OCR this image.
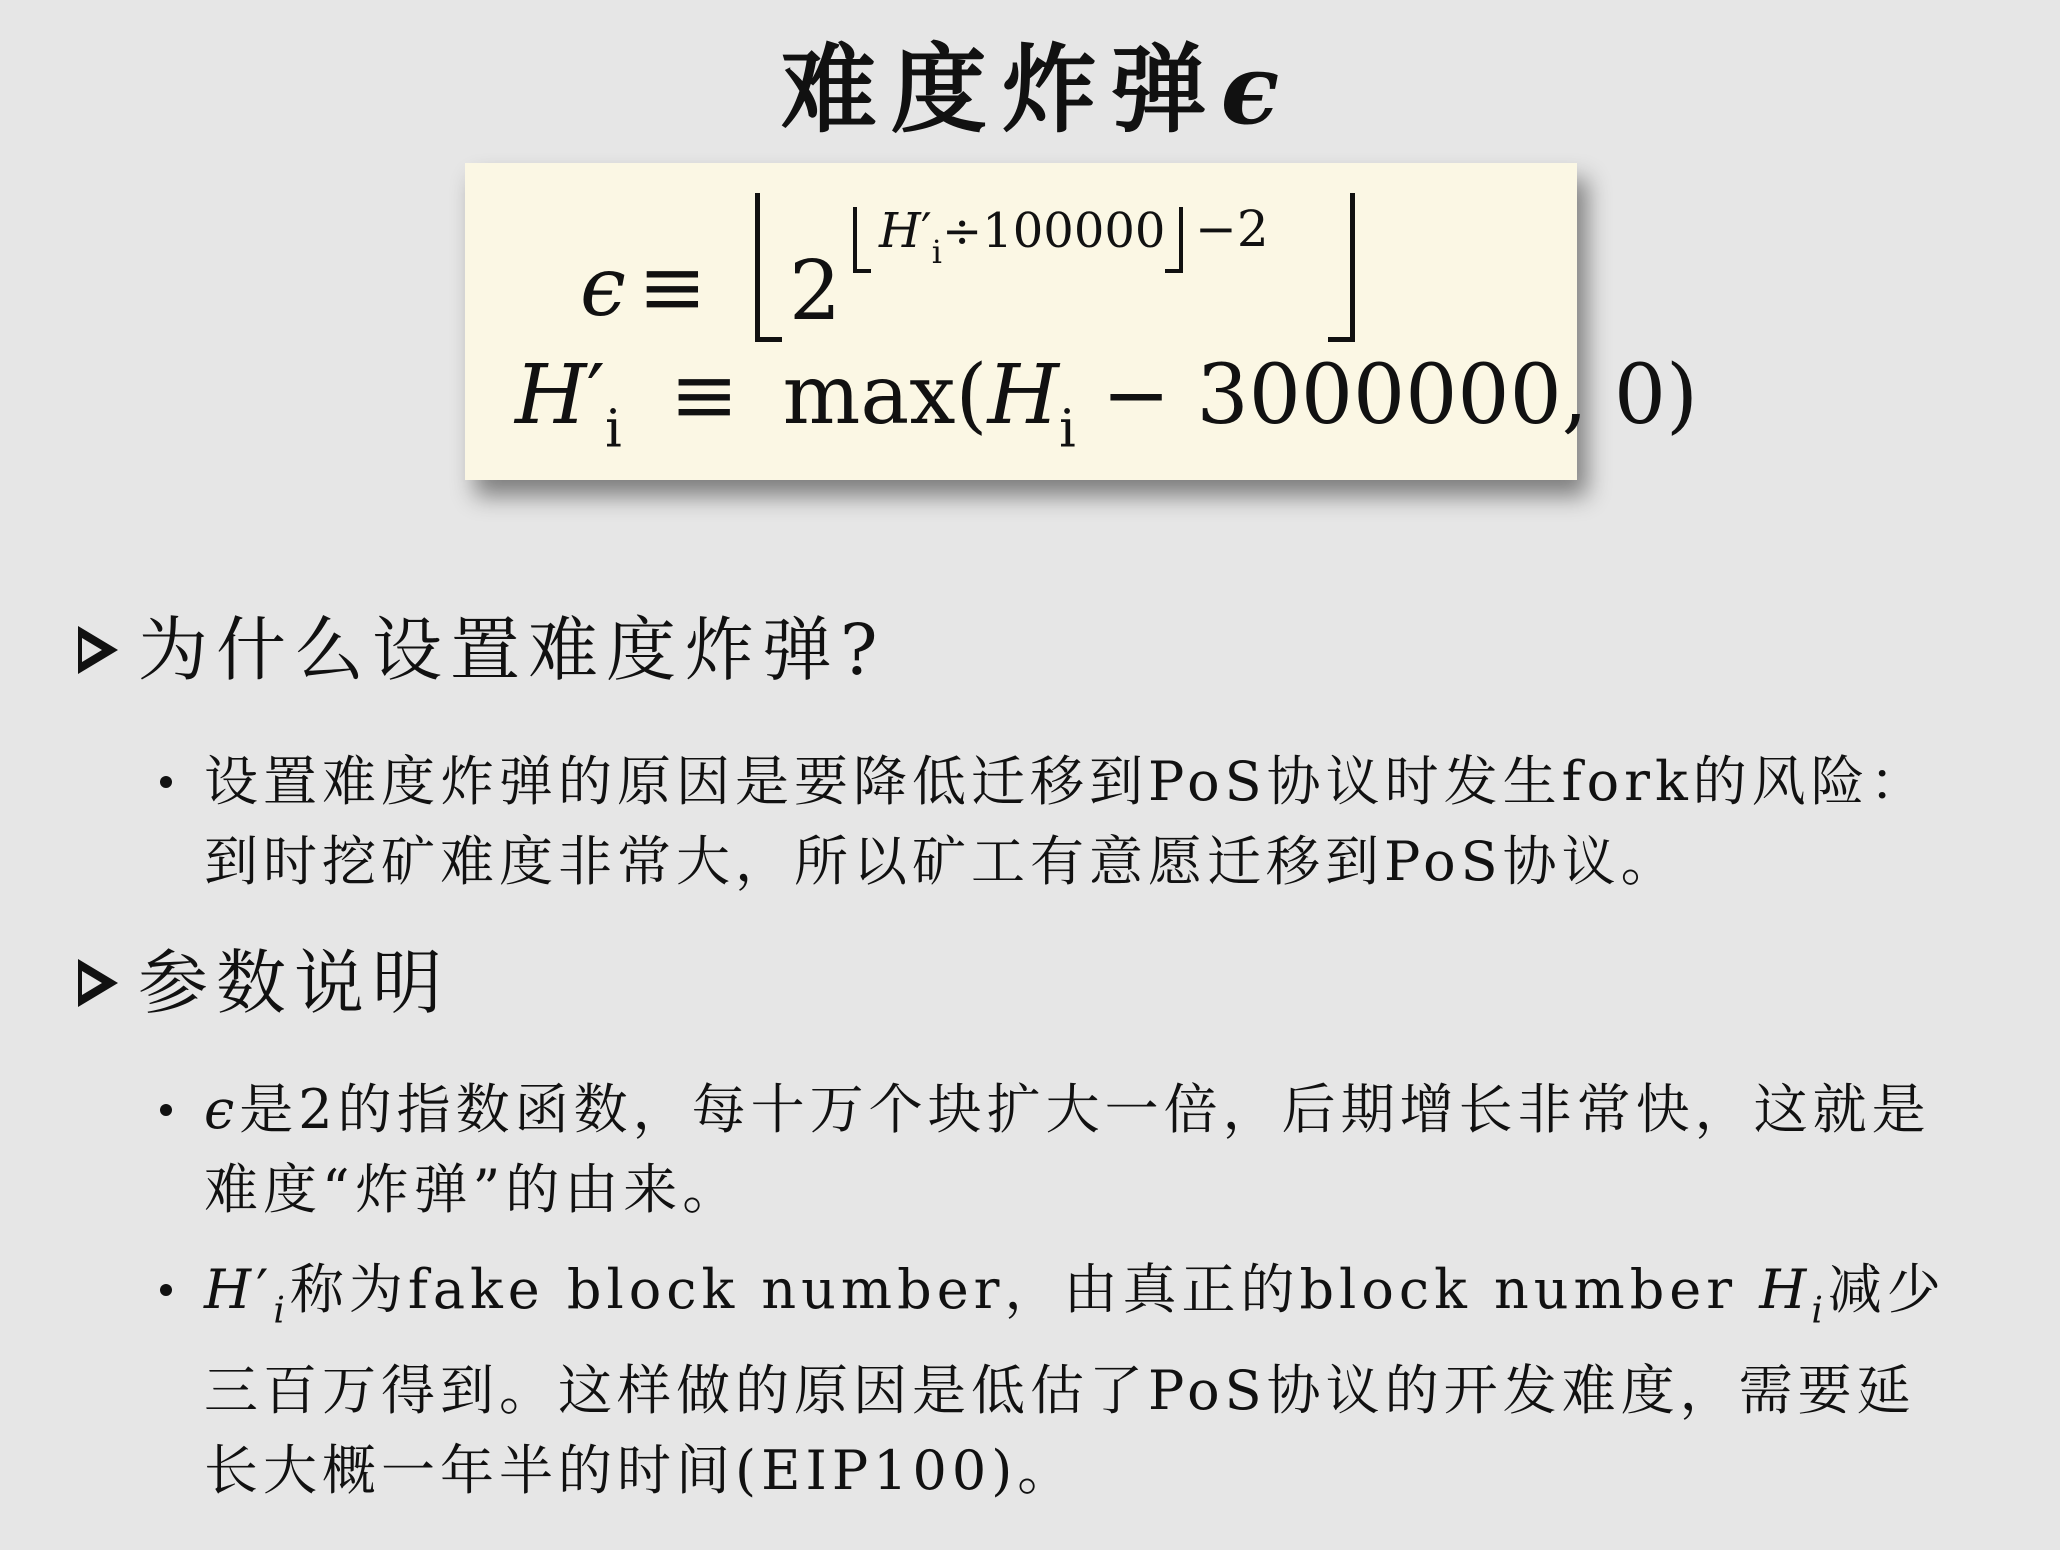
难度炸弹ϵ
ϵ ≡ 2
$H'_i\div 100000 -2$
$H'_i \equiv \max(H_i - 3000000$, 0)
为什么设置难度炸弹?
设置难度炸弹的原因是要降低迁移到PoS协议时发生fork的风险：到时挖矿难度非常大，所以矿工有意愿迁移到PoS协议。
参数说明
ϵ是2的指数函数，每十万个块扩大一倍，后期增长非常快，这就是难度“炸弹”的由来。
$H'_i$称为fake block number，由真正的block number $H_i$减少三百万得到。这样做的原因是低估了PoS协议的开发难度，需要延长大概一年半的时间(EIP100)。
